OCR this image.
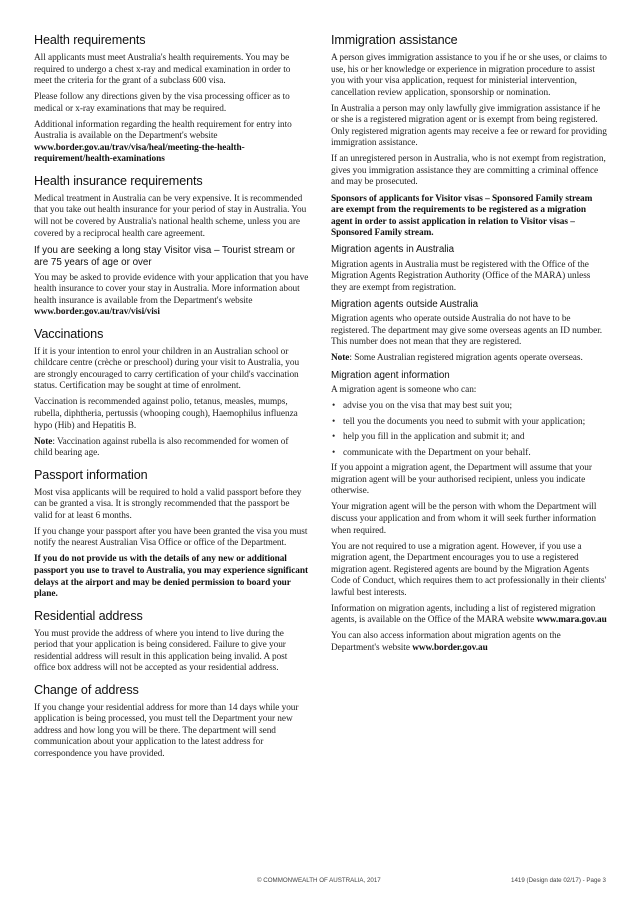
Health requirements

All applicants must meet Australia's health requirements. You may be required to undergo a chest x-ray and medical examination in order to meet the criteria for the grant of a subclass 600 visa.

Please follow any directions given by the visa processing officer as to medical or x-ray examinations that may be required.

Additional information regarding the health requirement for entry into Australia is available on the Department's website www.border.gov.au/trav/visa/heal/meeting-the-health-requirement/health-examinations

Health insurance requirements

Medical treatment in Australia can be very expensive. It is recommended that you take out health insurance for your period of stay in Australia. You will not be covered by Australia's national health scheme, unless you are covered by a reciprocal health care agreement.

If you are seeking a long stay Visitor visa – Tourist stream or are 75 years of age or over

You may be asked to provide evidence with your application that you have health insurance to cover your stay in Australia. More information about health insurance is available from the Department's website www.border.gov.au/trav/visi/visi

Vaccinations

If it is your intention to enrol your children in an Australian school or childcare centre (crèche or preschool) during your visit to Australia, you are strongly encouraged to carry certification of your child's vaccination status. Certification may be sought at time of enrolment.

Vaccination is recommended against polio, tetanus, measles, mumps, rubella, diphtheria, pertussis (whooping cough), Haemophilus influenza hypo (Hib) and Hepatitis B.

Note: Vaccination against rubella is also recommended for women of child bearing age.

Passport information

Most visa applicants will be required to hold a valid passport before they can be granted a visa. It is strongly recommended that the passport be valid for at least 6 months.

If you change your passport after you have been granted the visa you must notify the nearest Australian Visa Office or office of the Department.

If you do not provide us with the details of any new or additional passport you use to travel to Australia, you may experience significant delays at the airport and may be denied permission to board your plane.

Residential address

You must provide the address of where you intend to live during the period that your application is being considered. Failure to give your residential address will result in this application being invalid. A post office box address will not be accepted as your residential address.

Change of address

If you change your residential address for more than 14 days while your application is being processed, you must tell the Department your new address and how long you will be there. The department will send communication about your application to the latest address for correspondence you have provided.

Immigration assistance

A person gives immigration assistance to you if he or she uses, or claims to use, his or her knowledge or experience in migration procedure to assist you with your visa application, request for ministerial intervention, cancellation review application, sponsorship or nomination.

In Australia a person may only lawfully give immigration assistance if he or she is a registered migration agent or is exempt from being registered. Only registered migration agents may receive a fee or reward for providing immigration assistance.

If an unregistered person in Australia, who is not exempt from registration, gives you immigration assistance they are committing a criminal offence and may be prosecuted.

Sponsors of applicants for Visitor visas – Sponsored Family stream are exempt from the requirements to be registered as a migration agent in order to assist application in relation to Visitor visas – Sponsored Family stream.

Migration agents in Australia

Migration agents in Australia must be registered with the Office of the Migration Agents Registration Authority (Office of the MARA) unless they are exempt from registration.

Migration agents outside Australia

Migration agents who operate outside Australia do not have to be registered. The department may give some overseas agents an ID number. This number does not mean that they are registered.

Note: Some Australian registered migration agents operate overseas.

Migration agent information

A migration agent is someone who can:

• advise you on the visa that may best suit you;
• tell you the documents you need to submit with your application;
• help you fill in the application and submit it; and
• communicate with the Department on your behalf.

If you appoint a migration agent, the Department will assume that your migration agent will be your authorised recipient, unless you indicate otherwise.

Your migration agent will be the person with whom the Department will discuss your application and from whom it will seek further information when required.

You are not required to use a migration agent. However, if you use a migration agent, the Department encourages you to use a registered migration agent. Registered agents are bound by the Migration Agents Code of Conduct, which requires them to act professionally in their clients' lawful best interests.

Information on migration agents, including a list of registered migration agents, is available on the Office of the MARA website www.mara.gov.au

You can also access information about migration agents on the Department's website www.border.gov.au

© COMMONWEALTH OF AUSTRALIA, 2017	1419 (Design date 02/17) - Page 3
